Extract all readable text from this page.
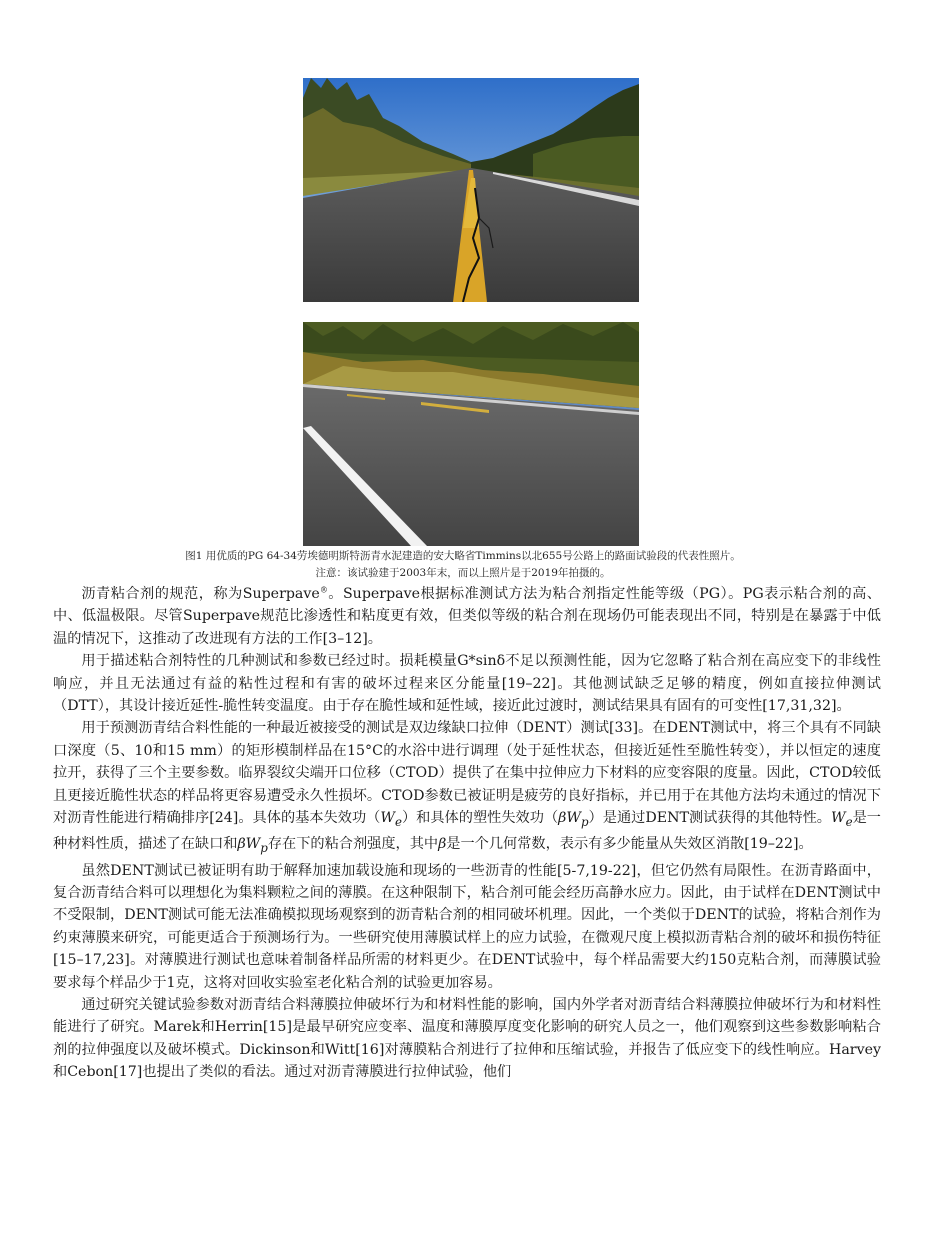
图1 用优质的PG 64-34劳埃德明斯特沥青水泥建造的安大略省Timmins以北655号公路上的路面试验段的代表性照片。
注意：该试验建于2003年末，而以上照片是于2019年拍摄的。

沥青粘合剂的规范，称为Superpave®。Superpave根据标准测试方法为粘合剂指定性能等级（PG）。PG表示粘合剂的高、中、低温极限。尽管Superpave规范比渗透性和粘度更有效，但类似等级的粘合剂在现场仍可能表现出不同，特别是在暴露于中低温的情况下，这推动了改进现有方法的工作[3–12]。

用于描述粘合剂特性的几种测试和参数已经过时。损耗模量G*sinδ不足以预测性能，因为它忽略了粘合剂在高应变下的非线性响应，并且无法通过有益的粘性过程和有害的破坏过程来区分能量[19–22]。其他测试缺乏足够的精度，例如直接拉伸测试（DTT），其设计接近延性-脆性转变温度。由于存在脆性域和延性域，接近此过渡时，测试结果具有固有的可变性[17,31,32]。

用于预测沥青结合料性能的一种最近被接受的测试是双边缘缺口拉伸（DENT）测试[33]。在DENT测试中，将三个具有不同缺口深度（5、10和15 mm）的矩形模制样品在15°C的水浴中进行调理（处于延性状态，但接近延性至脆性转变），并以恒定的速度拉开，获得了三个主要参数。临界裂纹尖端开口位移（CTOD）提供了在集中拉伸应力下材料的应变容限的度量。因此，CTOD较低且更接近脆性状态的样品将更容易遭受永久性损坏。CTOD参数已被证明是疲劳的良好指标，并已用于在其他方法均未通过的情况下对沥青性能进行精确排序[24]。具体的基本失效功$(W_e)$和具体的塑性失效功$(\beta W_p)$是通过DENT测试获得的其他特性。$W_e$是一种材料性质，描述了在缺口和$\beta W_p$存在下的粘合剂强度，其中β是一个几何常数，表示有多少能量从失效区消散[19–22]。

虽然DENT测试已被证明有助于解释加速加载设施和现场的一些沥青的性能[5-7,19-22]，但它仍然有局限性。在沥青路面中，复合沥青结合料可以理想化为集料颗粒之间的薄膜。在这种限制下，粘合剂可能会经历高静水应力。因此，由于试样在DENT测试中不受限制，DENT测试可能无法准确模拟现场观察到的沥青粘合剂的相同破坏机理。因此，一个类似于DENT的试验，将粘合剂作为约束薄膜来研究，可能更适合于预测场行为。一些研究使用薄膜试样上的应力试验，在微观尺度上模拟沥青粘合剂的破坏和损伤特征[15–17,23]。对薄膜进行测试也意味着制备样品所需的材料更少。在DENT试验中，每个样品需要大约150克粘合剂，而薄膜试验要求每个样品少于1克，这将对回收实验室老化粘合剂的试验更加容易。

通过研究关键试验参数对沥青结合料薄膜拉伸破坏行为和材料性能的影响，国内外学者对沥青结合料薄膜拉伸破坏行为和材料性能进行了研究。Marek和Herrin[15]是最早研究应变率、温度和薄膜厚度变化影响的研究人员之一，他们观察到这些参数影响粘合剂的拉伸强度以及破坏模式。Dickinson和Witt[16]对薄膜粘合剂进行了拉伸和压缩试验，并报告了低应变下的线性响应。Harvey和Cebon[17]也提出了类似的看法。通过对沥青薄膜进行拉伸试验，他们
